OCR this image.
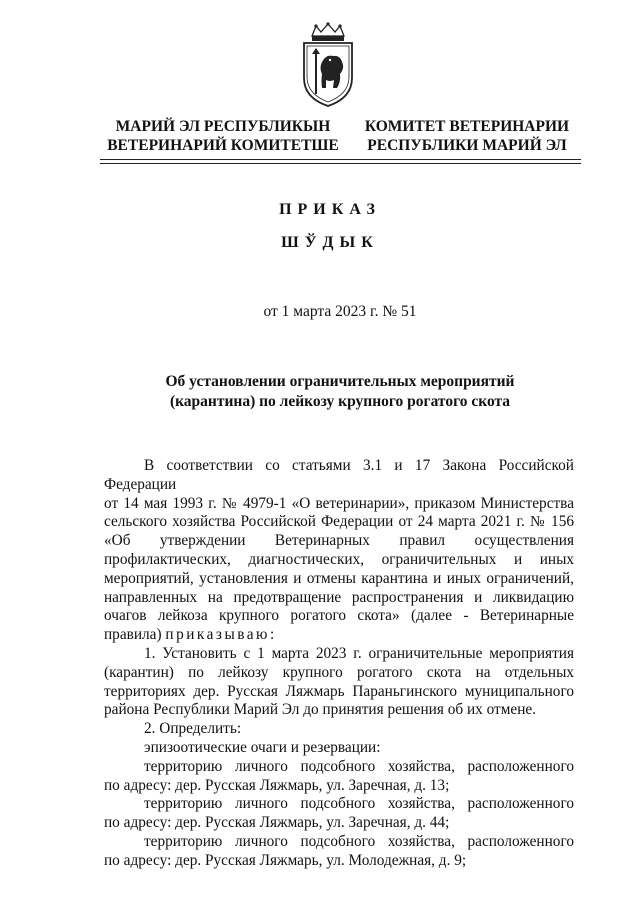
МАРИЙ ЭЛ РЕСПУБЛИКЫН
ВЕТЕРИНАРИЙ КОМИТЕТШЕ
КОМИТЕТ ВЕТЕРИНАРИИ
РЕСПУБЛИКИ МАРИЙ ЭЛ
ПРИКАЗ
ШЎДЫК
от 1 марта 2023 г. № 51
Об установлении ограничительных мероприятий
(карантина) по лейкозу крупного рогатого скота

В соответствии со статьями 3.1 и 17 Закона Российской Федерации

от 14 мая 1993 г. № 4979-1 «О ветеринарии», приказом Министерства

сельского хозяйства Российской Федерации от 24 марта 2021 г. № 156

«Об утверждении Ветеринарных правил осуществления

профилактических, диагностических, ограничительных и иных

мероприятий, установления и отмены карантина и иных ограничений,

направленных на предотвращение распространения и ликвидацию

очагов лейкоза крупного рогатого скота» (далее - Ветеринарные

правила) приказываю:

1. Установить с 1 марта 2023 г. ограничительные мероприятия

(карантин) по лейкозу крупного рогатого скота на отдельных

территориях дер. Русская Ляжмарь Параньгинского муниципального

района Республики Марий Эл до принятия решения об их отмене.

2. Определить:

эпизоотические очаги и резервации:

территорию личного подсобного хозяйства, расположенного

по адресу: дер. Русская Ляжмарь, ул. Заречная, д. 13;

территорию личного подсобного хозяйства, расположенного

по адресу: дер. Русская Ляжмарь, ул. Заречная, д. 44;

территорию личного подсобного хозяйства, расположенного

по адресу: дер. Русская Ляжмарь, ул. Молодежная, д. 9;
